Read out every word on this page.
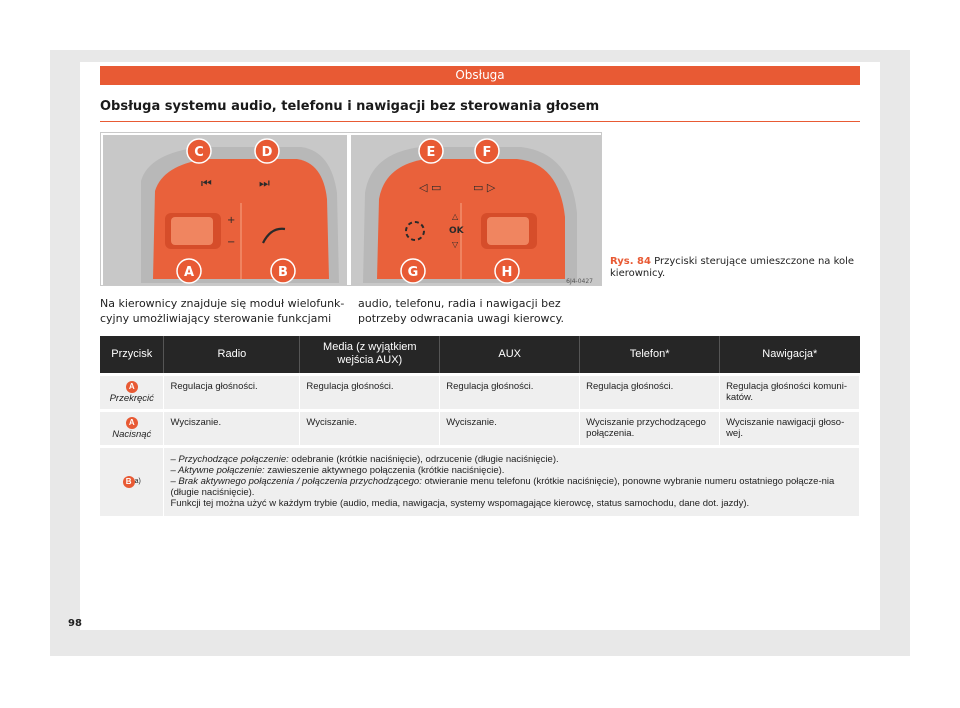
Obsługa
Obsługa systemu audio, telefonu i nawigacji bez sterowania głosem
⏮	⏭
+
−
C	D
A	B
◁ ▭	▭ ▷
△
OK
▽
E	F
G	H
6J4-0427
Rys. 84 Przyciski sterujące umieszczone na kole kierownicy.
Na kierownicy znajduje się moduł wielofunk-cyjny umożliwiający sterowanie funkcjami
audio, telefonu, radia i nawigacji bez potrzeby odwracania uwagi kierowcy.
Przycisk	Radio	Media (z wyjątkiem wejścia AUX)	AUX	Telefon*	Nawigacja*
A
Przekręcić	Regulacja głośności.	Regulacja głośności.	Regulacja głośności.	Regulacja głośności.	Regulacja głośności komuni-katów.
A
Nacisnąć	Wyciszanie.	Wyciszanie.	Wyciszanie.	Wyciszanie przychodzącego połączenia.	Wyciszanie nawigacji głoso-wej.
B $^{a)}$	– Przychodzące połączenie: odebranie (krótkie naciśnięcie), odrzucenie (długie naciśnięcie).
– Aktywne połączenie: zawieszenie aktywnego połączenia (krótkie naciśnięcie).
– Brak aktywnego połączenia / połączenia przychodzącego: otwieranie menu telefonu (krótkie naciśnięcie), ponowne wybranie numeru ostatniego połącze-nia (długie naciśnięcie).
Funkcji tej można użyć w każdym trybie (audio, media, nawigacja, systemy wspomagające kierowcę, status samochodu, dane dot. jazdy).				
98
